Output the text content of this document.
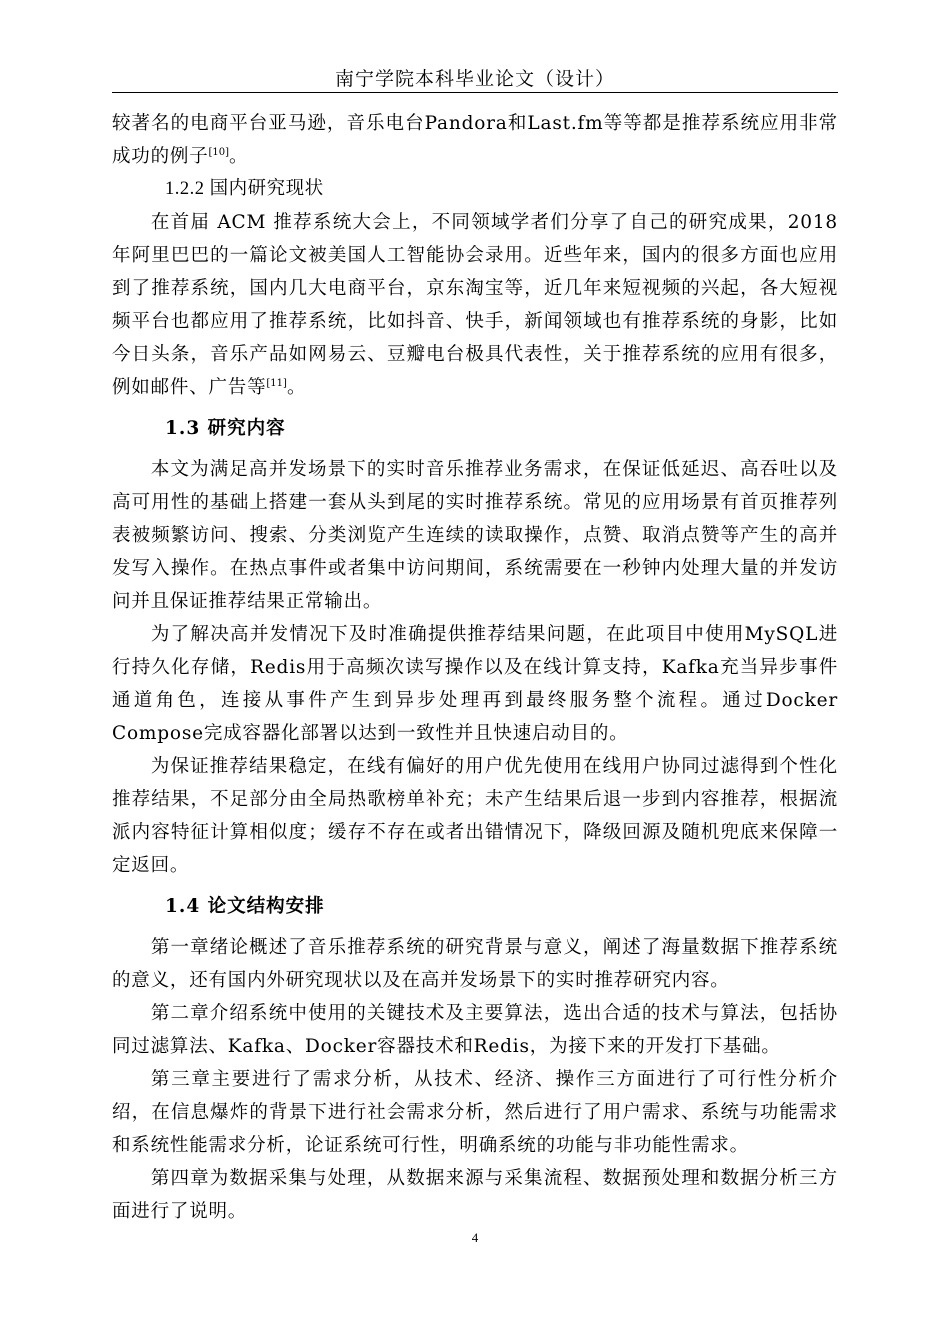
南宁学院本科毕业论文（设计）

较著名的电商平台亚马逊，音乐电台Pandora和Last.fm等等都是推荐系统应用非常成功的例子[10]。

1.2.2 国内研究现状

在首届 ACM 推荐系统大会上，不同领域学者们分享了自己的研究成果，2018 年阿里巴巴的一篇论文被美国人工智能协会录用。近些年来，国内的很多方面也应用到了推荐系统，国内几大电商平台，京东淘宝等，近几年来短视频的兴起，各大短视频平台也都应用了推荐系统，比如抖音、快手，新闻领域也有推荐系统的身影，比如今日头条，音乐产品如网易云、豆瓣电台极具代表性，关于推荐系统的应用有很多，例如邮件、广告等[11]。

1.3 研究内容

本文为满足高并发场景下的实时音乐推荐业务需求，在保证低延迟、高吞吐以及高可用性的基础上搭建一套从头到尾的实时推荐系统。常见的应用场景有首页推荐列表被频繁访问、搜索、分类浏览产生连续的读取操作，点赞、取消点赞等产生的高并发写入操作。在热点事件或者集中访问期间，系统需要在一秒钟内处理大量的并发访问并且保证推荐结果正常输出。

为了解决高并发情况下及时准确提供推荐结果问题，在此项目中使用MySQL进行持久化存储，Redis用于高频次读写操作以及在线计算支持，Kafka充当异步事件通道角色，连接从事件产生到异步处理再到最终服务整个流程。通过Docker Compose完成容器化部署以达到一致性并且快速启动目的。

为保证推荐结果稳定，在线有偏好的用户优先使用在线用户协同过滤得到个性化推荐结果，不足部分由全局热歌榜单补充；未产生结果后退一步到内容推荐，根据流派内容特征计算相似度；缓存不存在或者出错情况下，降级回源及随机兜底来保障一定返回。

1.4 论文结构安排

第一章绪论概述了音乐推荐系统的研究背景与意义，阐述了海量数据下推荐系统的意义，还有国内外研究现状以及在高并发场景下的实时推荐研究内容。

第二章介绍系统中使用的关键技术及主要算法，选出合适的技术与算法，包括协同过滤算法、Kafka、Docker容器技术和Redis，为接下来的开发打下基础。

第三章主要进行了需求分析，从技术、经济、操作三方面进行了可行性分析介绍，在信息爆炸的背景下进行社会需求分析，然后进行了用户需求、系统与功能需求和系统性能需求分析，论证系统可行性，明确系统的功能与非功能性需求。

第四章为数据采集与处理，从数据来源与采集流程、数据预处理和数据分析三方面进行了说明。

4
